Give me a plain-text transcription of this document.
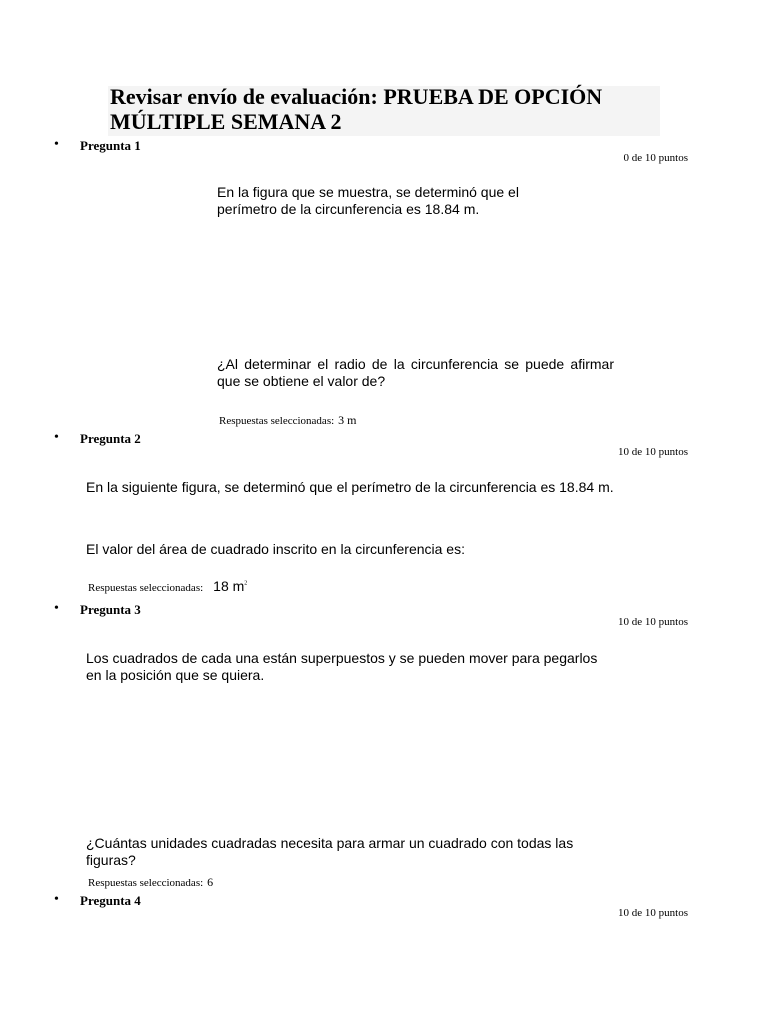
Revisar envío de evaluación: PRUEBA DE OPCIÓN MÚLTIPLE SEMANA 2
• Pregunta 1
0 de 10 puntos
En la figura que se muestra, se determinó que el perímetro de la circunferencia es 18.84 m.
¿Al determinar el radio de la circunferencia se puede afirmar que se obtiene el valor de?
Respuestas seleccionadas: 3 m
• Pregunta 2
10 de 10 puntos
En la siguiente figura, se determinó que el perímetro de la circunferencia es 18.84 m.
El valor del área de cuadrado inscrito en la circunferencia es:
Respuestas seleccionadas: 18 $m^2$
• Pregunta 3
10 de 10 puntos
Los cuadrados de cada una están superpuestos y se pueden mover para pegarlos en la posición que se quiera.
¿Cuántas unidades cuadradas necesita para armar un cuadrado con todas las figuras?
Respuestas seleccionadas: 6
• Pregunta 4
10 de 10 puntos
